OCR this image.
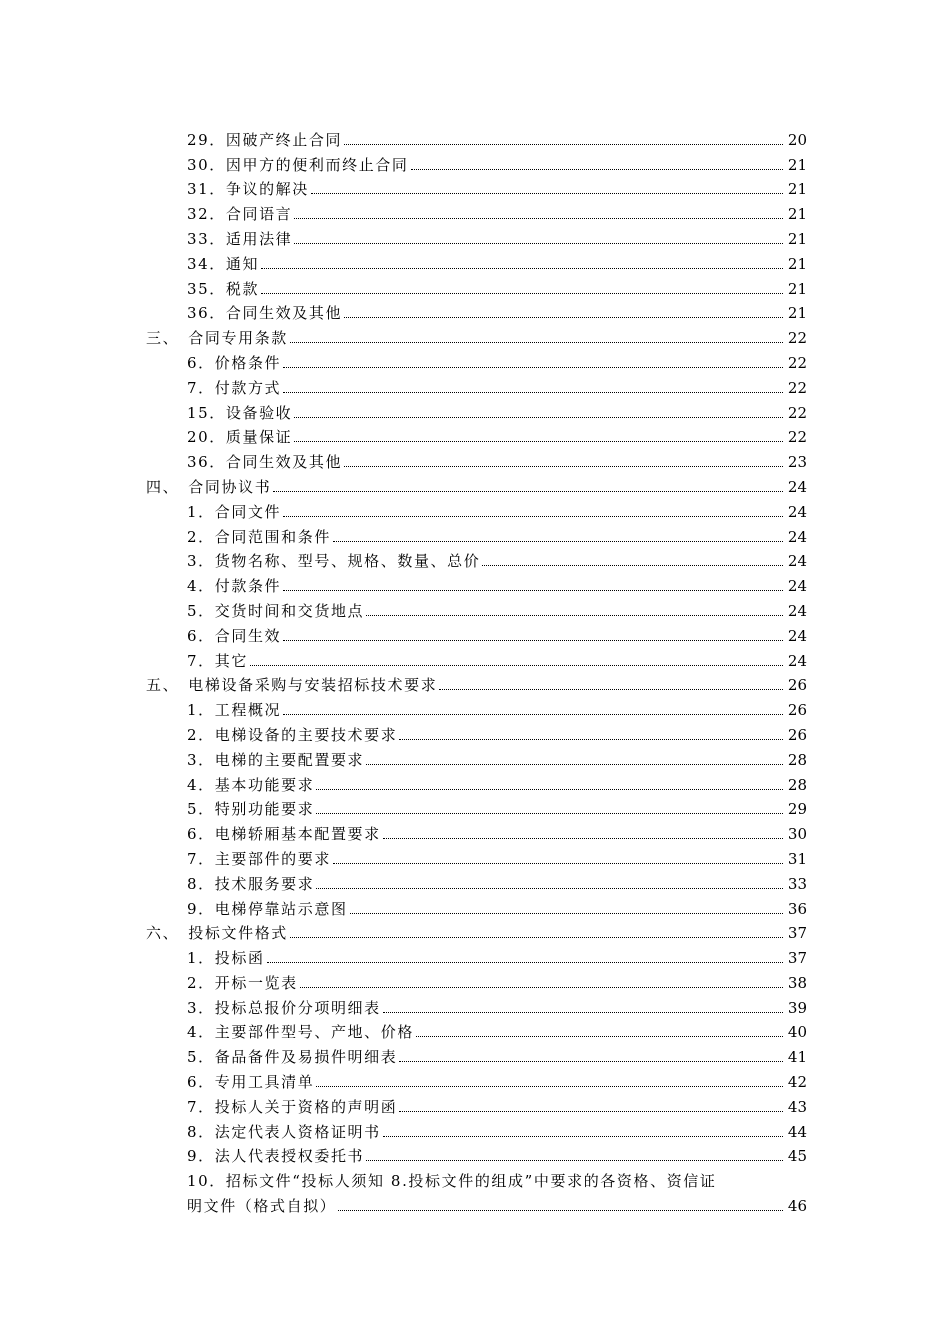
29．因破产终止合同	20
30．因甲方的便利而终止合同	21
31．争议的解决	21
32．合同语言	21
33．适用法律	21
34．通知	21
35．税款	21
36．合同生效及其他	21
三、　合同专用条款	22
6．价格条件	22
7．付款方式	22
15．设备验收	22
20．质量保证	22
36．合同生效及其他	23
四、　合同协议书	24
1．合同文件	24
2．合同范围和条件	24
3．货物名称、型号、规格、数量、总价	24
4．付款条件	24
5．交货时间和交货地点	24
6．合同生效	24
7．其它	24
五、　电梯设备采购与安装招标技术要求	26
1．工程概况	26
2．电梯设备的主要技术要求	26
3．电梯的主要配置要求	28
4．基本功能要求	28
5．特别功能要求	29
6．电梯轿厢基本配置要求	30
7．主要部件的要求	31
8．技术服务要求	33
9．电梯停靠站示意图	36
六、　投标文件格式	37
1．投标函	37
2．开标一览表	38
3．投标总报价分项明细表	39
4．主要部件型号、产地、价格	40
5．备品备件及易损件明细表	41
6．专用工具清单	42
7．投标人关于资格的声明函	43
8．法定代表人资格证明书	44
9．法人代表授权委托书	45
10．招标文件“投标人须知 8.投标文件的组成”中要求的各资格、资信证
明文件（格式自拟）	46
